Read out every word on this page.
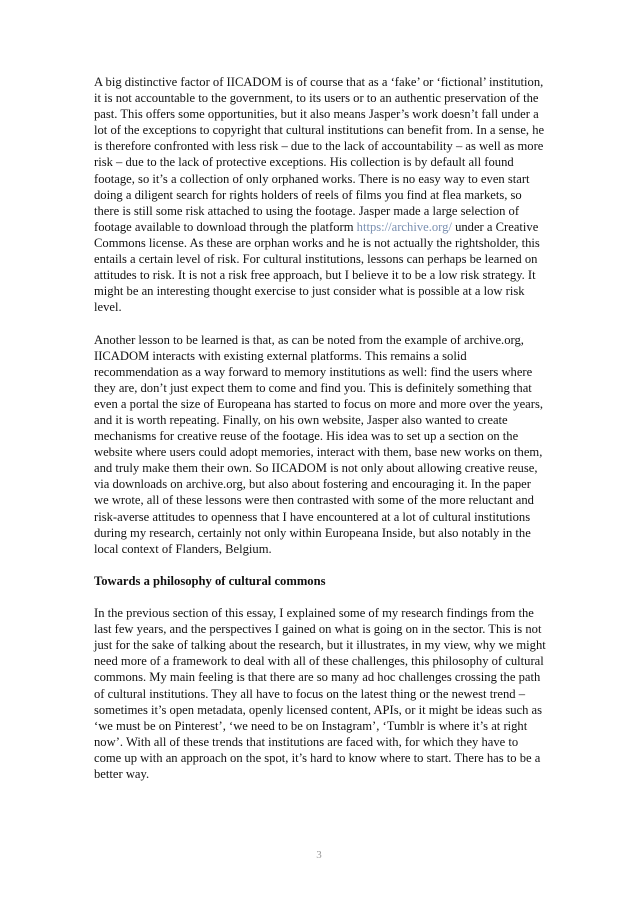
A big distinctive factor of IICADOM is of course that as a ‘fake’ or ‘fictional’ institution, it is not accountable to the government, to its users or to an authentic preservation of the past. This offers some opportunities, but it also means Jasper’s work doesn’t fall under a lot of the exceptions to copyright that cultural institutions can benefit from. In a sense, he is therefore confronted with less risk – due to the lack of accountability – as well as more risk – due to the lack of protective exceptions. His collection is by default all found footage, so it’s a collection of only orphaned works. There is no easy way to even start doing a diligent search for rights holders of reels of films you find at flea markets, so there is still some risk attached to using the footage. Jasper made a large selection of footage available to download through the platform https://archive.org/ under a Creative Commons license. As these are orphan works and he is not actually the rightsholder, this entails a certain level of risk. For cultural institutions, lessons can perhaps be learned on attitudes to risk. It is not a risk free approach, but I believe it to be a low risk strategy. It might be an interesting thought exercise to just consider what is possible at a low risk level.

Another lesson to be learned is that, as can be noted from the example of archive.org, IICADOM interacts with existing external platforms. This remains a solid recommendation as a way forward to memory institutions as well: find the users where they are, don’t just expect them to come and find you. This is definitely something that even a portal the size of Europeana has started to focus on more and more over the years, and it is worth repeating. Finally, on his own website, Jasper also wanted to create mechanisms for creative reuse of the footage. His idea was to set up a section on the website where users could adopt memories, interact with them, base new works on them, and truly make them their own. So IICADOM is not only about allowing creative reuse, via downloads on archive.org, but also about fostering and encouraging it. In the paper we wrote, all of these lessons were then contrasted with some of the more reluctant and risk-averse attitudes to openness that I have encountered at a lot of cultural institutions during my research, certainly not only within Europeana Inside, but also notably in the local context of Flanders, Belgium.

Towards a philosophy of cultural commons

In the previous section of this essay, I explained some of my research findings from the last few years, and the perspectives I gained on what is going on in the sector. This is not just for the sake of talking about the research, but it illustrates, in my view, why we might need more of a framework to deal with all of these challenges, this philosophy of cultural commons. My main feeling is that there are so many ad hoc challenges crossing the path of cultural institutions. They all have to focus on the latest thing or the newest trend – sometimes it’s open metadata, openly licensed content, APIs, or it might be ideas such as ‘we must be on Pinterest’, ‘we need to be on Instagram’, ‘Tumblr is where it’s at right now’. With all of these trends that institutions are faced with, for which they have to come up with an approach on the spot, it’s hard to know where to start. There has to be a better way.

3
